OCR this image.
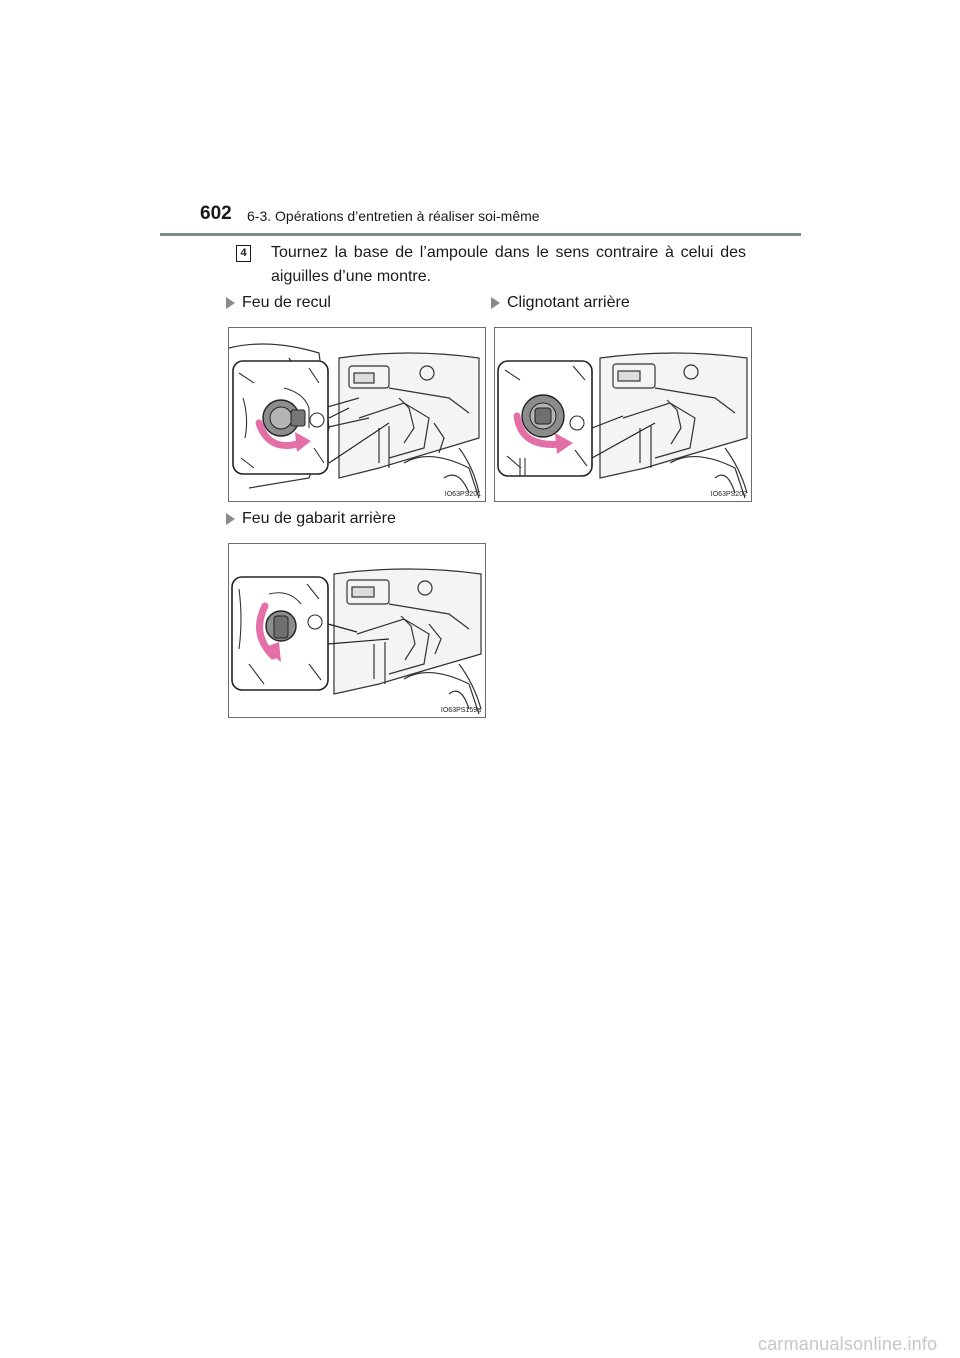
602 6-3. Opérations d’entretien à réaliser soi-même
4 Tournez la base de l’ampoule dans le sens contraire à celui des aiguilles d’une montre.
Feu de recul
IO63PS201
Clignotant arrière
IO63PS202
Feu de gabarit arrière
IO63PS159a
carmanualsonline.info
